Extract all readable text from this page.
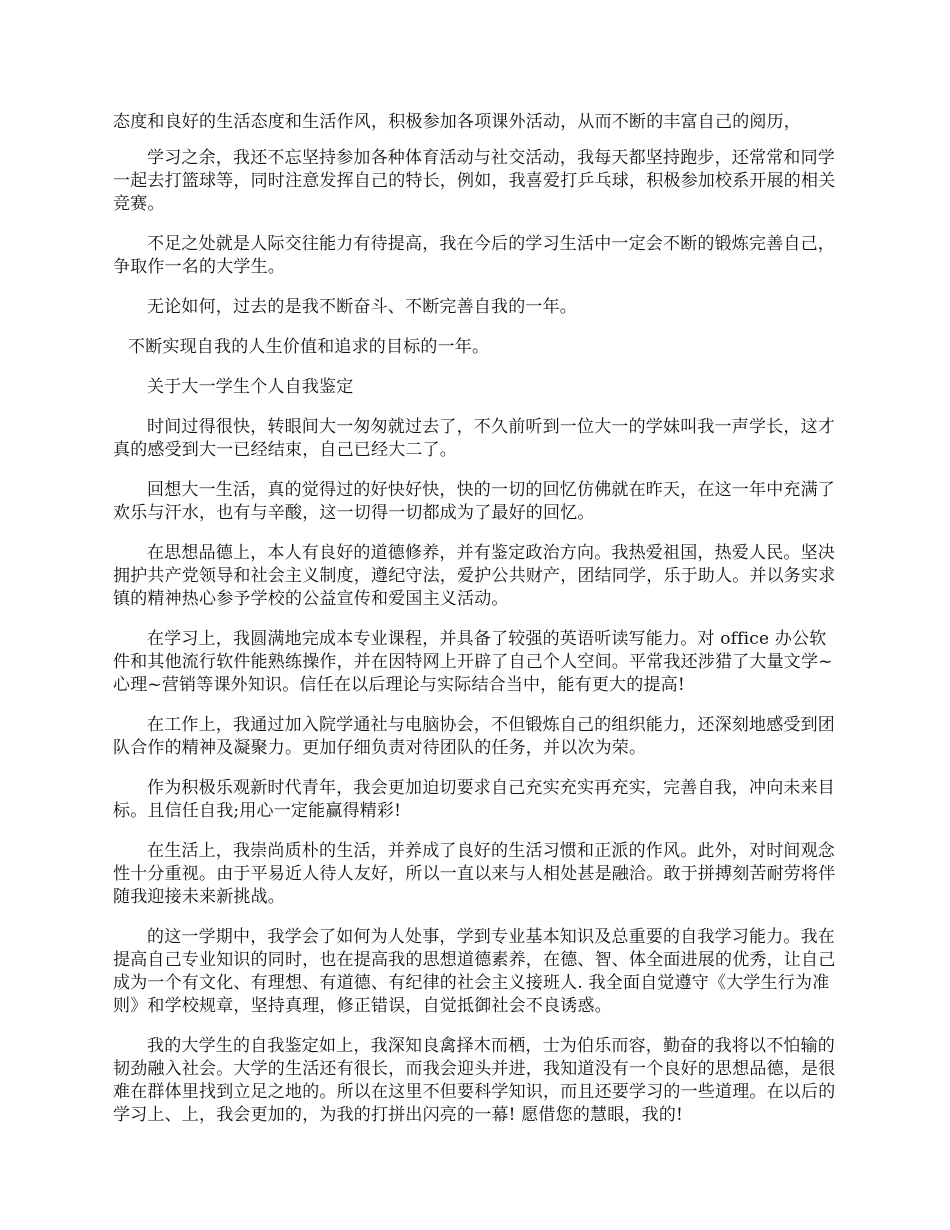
态度和良好的生活态度和生活作风，积极参加各项课外活动，从而不断的丰富自己的阅历，

学习之余，我还不忘坚持参加各种体育活动与社交活动，我每天都坚持跑步，还常常和同学一起去打篮球等，同时注意发挥自己的特长，例如，我喜爱打乒乓球，积极参加校系开展的相关竞赛。

不足之处就是人际交往能力有待提高，我在今后的学习生活中一定会不断的锻炼完善自己，争取作一名的大学生。

无论如何，过去的是我不断奋斗、不断完善自我的一年。

不断实现自我的人生价值和追求的目标的一年。

关于大一学生个人自我鉴定

时间过得很快，转眼间大一匆匆就过去了，不久前听到一位大一的学妹叫我一声学长，这才真的感受到大一已经结束，自己已经大二了。

回想大一生活，真的觉得过的好快好快，快的一切的回忆仿佛就在昨天，在这一年中充满了欢乐与汗水，也有与辛酸，这一切得一切都成为了最好的回忆。

在思想品德上，本人有良好的道德修养，并有鉴定政治方向。我热爱祖国，热爱人民。坚决拥护共产党领导和社会主义制度，遵纪守法，爱护公共财产，团结同学，乐于助人。并以务实求镇的精神热心参予学校的公益宣传和爱国主义活动。

在学习上，我圆满地完成本专业课程，并具备了较强的英语听读写能力。对 office 办公软件和其他流行软件能熟练操作，并在因特网上开辟了自己个人空间。平常我还涉猎了大量文学~心理~营销等课外知识。信任在以后理论与实际结合当中，能有更大的提高!

在工作上，我通过加入院学通社与电脑协会，不但锻炼自己的组织能力，还深刻地感受到团队合作的精神及凝聚力。更加仔细负责对待团队的任务，并以次为荣。

作为积极乐观新时代青年，我会更加迫切要求自己充实充实再充实，完善自我，冲向未来目标。且信任自我;用心一定能赢得精彩!

在生活上，我崇尚质朴的生活，并养成了良好的生活习惯和正派的作风。此外，对时间观念性十分重视。由于平易近人待人友好，所以一直以来与人相处甚是融洽。敢于拼搏刻苦耐劳将伴随我迎接未来新挑战。

的这一学期中，我学会了如何为人处事，学到专业基本知识及总重要的自我学习能力。我在提高自己专业知识的同时，也在提高我的思想道德素养，在德、智、体全面进展的优秀，让自己成为一个有文化、有理想、有道德、有纪律的社会主义接班人. 我全面自觉遵守《大学生行为准则》和学校规章，坚持真理，修正错误，自觉抵御社会不良诱惑。

我的大学生的自我鉴定如上，我深知良禽择木而栖，士为伯乐而容，勤奋的我将以不怕输的韧劲融入社会。大学的生活还有很长，而我会迎头并进，我知道没有一个良好的思想品德，是很难在群体里找到立足之地的。所以在这里不但要科学知识，而且还要学习的一些道理。在以后的学习上、上，我会更加的，为我的打拼出闪亮的一幕! 愿借您的慧眼，我的!
